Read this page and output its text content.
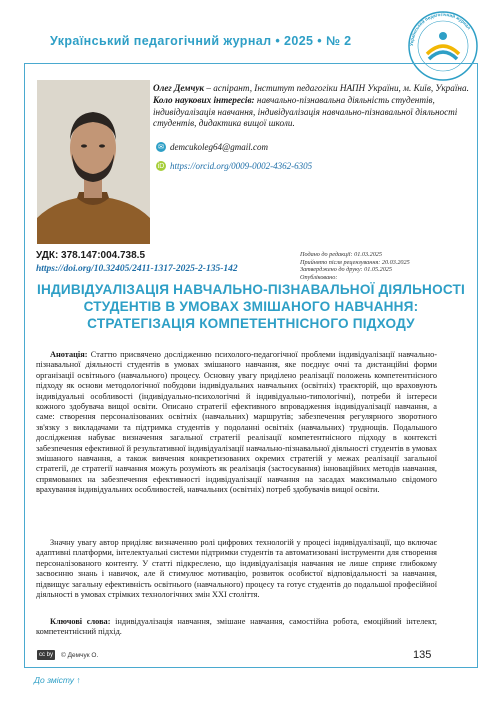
Український педагогічний журнал • 2025 • № 2	Український педагогічний журнал
Олег Демчук – аспірант, Інститут педагогіки НАПН України, м. Київ, Україна.
Коло наукових інтересів: навчально-пізнавальна діяльність студентів, індивідуалізація навчання, індивідуалізація навчально-пізнавальної діяльності студентів, дидактика вищої школи.
✉ demcukoleg64@gmail.com
iD https://orcid.org/0009-0002-4362-6305
УДК: 378.147:004.738.5
https://doi.org/10.32405/2411-1317-2025-2-135-142
Подано до редакції: 01.03.2025
Прийнято після рецензування: 20.03.2025
Затверджено до друку: 01.05.2025
Опубліковано:
ІНДИВІДУАЛІЗАЦІЯ НАВЧАЛЬНО-ПІЗНАВАЛЬНОЇ ДІЯЛЬНОСТІ СТУДЕНТІВ В УМОВАХ ЗМІШАНОГО НАВЧАННЯ: СТРАТЕГІЗАЦІЯ КОМПЕТЕНТНІСНОГО ПІДХОДУ
Анотація: Статтю присвячено дослідженню психолого-педагогічної проблеми індивідуалізації навчально-пізнавальної діяльності студентів в умовах змішаного навчання, яке поєднує очні та дистанційні форми організації освітнього (навчального) процесу. Основну увагу приділено реалізації положень компетентнісного підходу як основи методологічної побудови індивідуальних навчальних (освітніх) траєкторій, що враховують індивідуальні особливості (індивідуально-психологічні й індивідуально-типологічні), потреби й інтереси кожного здобувача вищої освіти. Описано стратегії ефективного впровадження індивідуалізації навчання, а саме: створення персоналізованих освітніх (навчальних) маршрутів; забезпечення регулярного зворотного зв'язку з викладачами та підтримка студентів у подоланні освітніх (навчальних) труднощів. Подальшого дослідження набуває визначення загальної стратегії реалізації компетентнісного підходу в контексті забезпечення ефективної й результативної індивідуалізації навчально-пізнавальної діяльності студентів в умовах змішаного навчання, а також вивчення конкретизованих окремих стратегій у межах реалізації загальної стратегії, де стратегії навчання можуть розуміють як реалізація (застосування) інноваційних методів навчання, спрямованих на забезпечення ефективності індивідуалізації навчання на засадах максимально свідомого врахування індивідуальних особливостей, навчальних (освітніх) потреб здобувачів вищої освіти.
Значну увагу автор приділяє визначенню ролі цифрових технологій у процесі індивідуалізації, що включає адаптивні платформи, інтелектуальні системи підтримки студентів та автоматизовані інструменти для створення персоналізованого контенту. У статті підкреслено, що індивідуалізація навчання не лише сприяє глибокому засвоєнню знань і навичок, але й стимулює мотивацію, розвиток особистої відповідальності за навчання, підвищує загальну ефективність освітнього (навчального) процесу та готує студентів до подальшої професійної діяльності в умовах стрімких технологічних змін XXI століття.
Ключові слова: індивідуалізація навчання, змішане навчання, самостійна робота, емоційний інтелект, компетентнісний підхід.
cc by	© Демчук О.	135
До змісту ↑
